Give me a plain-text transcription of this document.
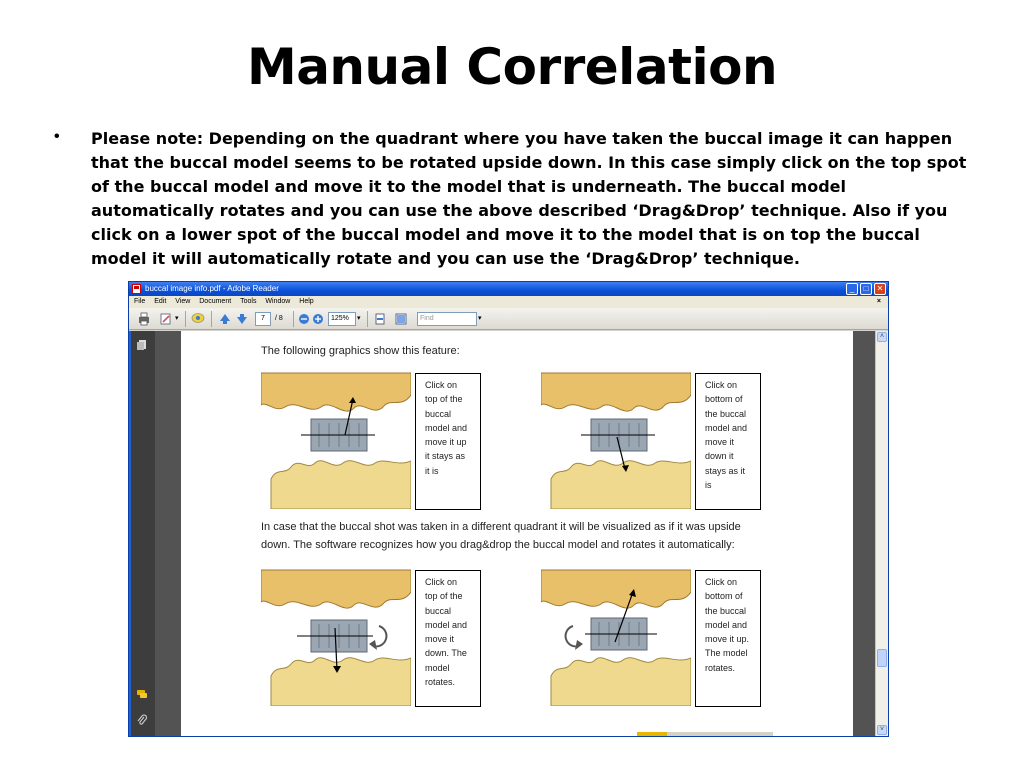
Manual Correlation
• Please note: Depending on the quadrant where you have taken the buccal image it can happen that the buccal model seems to be rotated upside down. In this case simply click on the top spot of the buccal model and move it to the model that is underneath. The buccal model automatically rotates and you can use the above described ‘Drag&Drop’ technique. Also if you click on a lower spot of the buccal model and move it to the model that is on top the buccal model it will automatically rotate and you can use the ‘Drag&Drop’ technique.
buccal image info.pdf - Adobe Reader	_	□	✕
File Edit View Document Tools Window Help	×
▾	7	/ 8	125%	▾	Find	▾
The following graphics show this feature:
Click on
top of the
buccal
model and
move it up
it stays as
it is
Click on
bottom of
the buccal
model and
move it
down it
stays as it
is
In case that the buccal shot was taken in a different quadrant it will be visualized as if it was upside
down. The software recognizes how you drag&drop the buccal model and rotates it automatically:
Click on
top of the
buccal
model and
move it
down. The
model
rotates.
Click on
bottom of
the buccal
model and
move it up.
The model
rotates.
˄
˅
